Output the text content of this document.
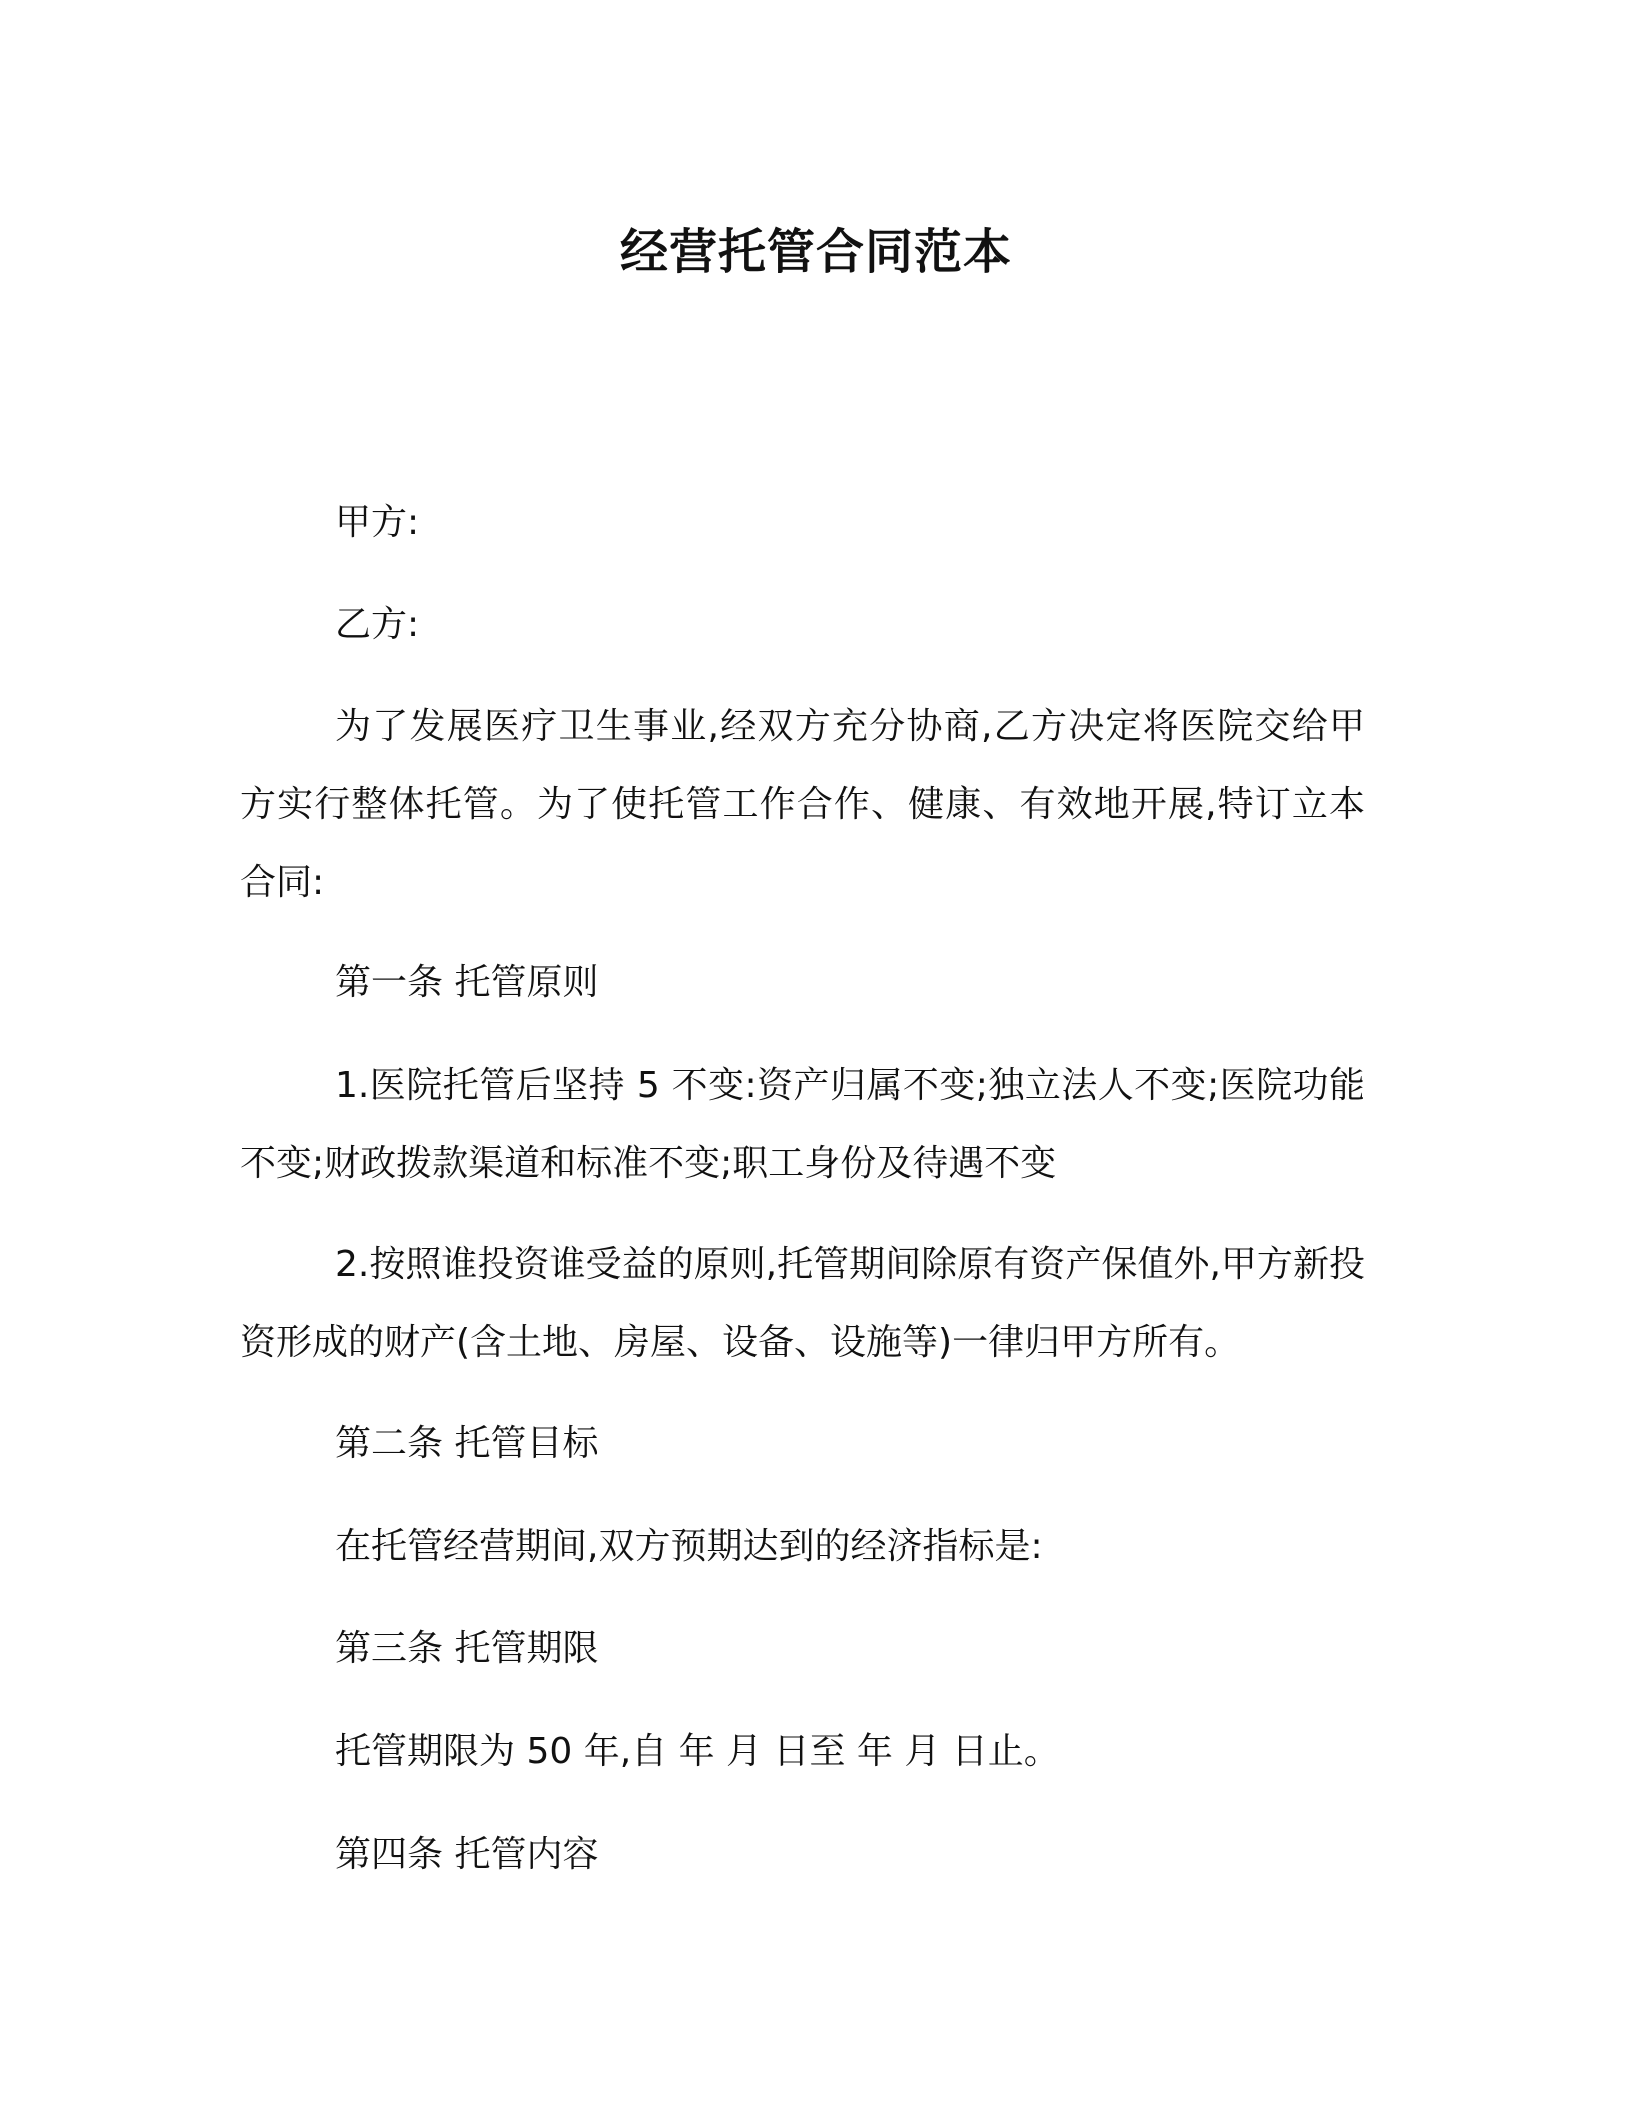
经营托管合同范本
甲方:
乙方:
为了发展医疗卫生事业,经双方充分协商,乙方决定将医院交给甲方实行整体托管。为了使托管工作合作、健康、有效地开展,特订立本合同:
第一条 托管原则
1.医院托管后坚持 5 不变:资产归属不变;独立法人不变;医院功能不变;财政拨款渠道和标准不变;职工身份及待遇不变
2.按照谁投资谁受益的原则,托管期间除原有资产保值外,甲方新投资形成的财产(含土地、房屋、设备、设施等)一律归甲方所有。
第二条 托管目标
在托管经营期间,双方预期达到的经济指标是:
第三条 托管期限
托管期限为 50 年,自 年 月 日至 年 月 日止。
第四条 托管内容
